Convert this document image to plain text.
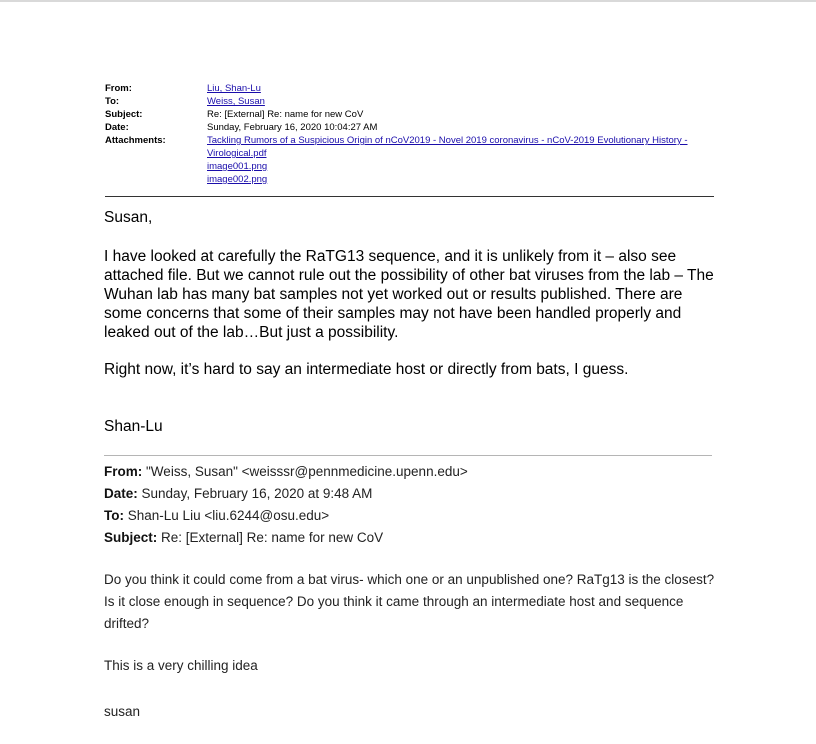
From:	Liu, Shan-Lu
To:	Weiss, Susan
Subject:	Re: [External] Re: name for new CoV
Date:	Sunday, February 16, 2020 10:04:27 AM
Attachments:	Tackling Rumors of a Suspicious Origin of nCoV2019 - Novel 2019 coronavirus - nCoV-2019 Evolutionary History - Virological.pdf
image001.png
image002.png

Susan,

I have looked at carefully the RaTG13 sequence, and it is unlikely from it – also see attached file. But we cannot rule out the possibility of other bat viruses from the lab – The Wuhan lab has many bat samples not yet worked out or results published. There are some concerns that some of their samples may not have been handled properly and leaked out of the lab…But just a possibility.

Right now, it’s hard to say an intermediate host or directly from bats, I guess.

Shan-Lu

From: "Weiss, Susan" <weisssr@pennmedicine.upenn.edu>
Date: Sunday, February 16, 2020 at 9:48 AM
To: Shan-Lu Liu <liu.6244@osu.edu>
Subject: Re: [External] Re: name for new CoV

Do you think it could come from a bat virus- which one or an unpublished one? RaTg13 is the closest? Is it close enough in sequence? Do you think it came through an intermediate host and sequence drifted?

This is a very chilling idea

susan
